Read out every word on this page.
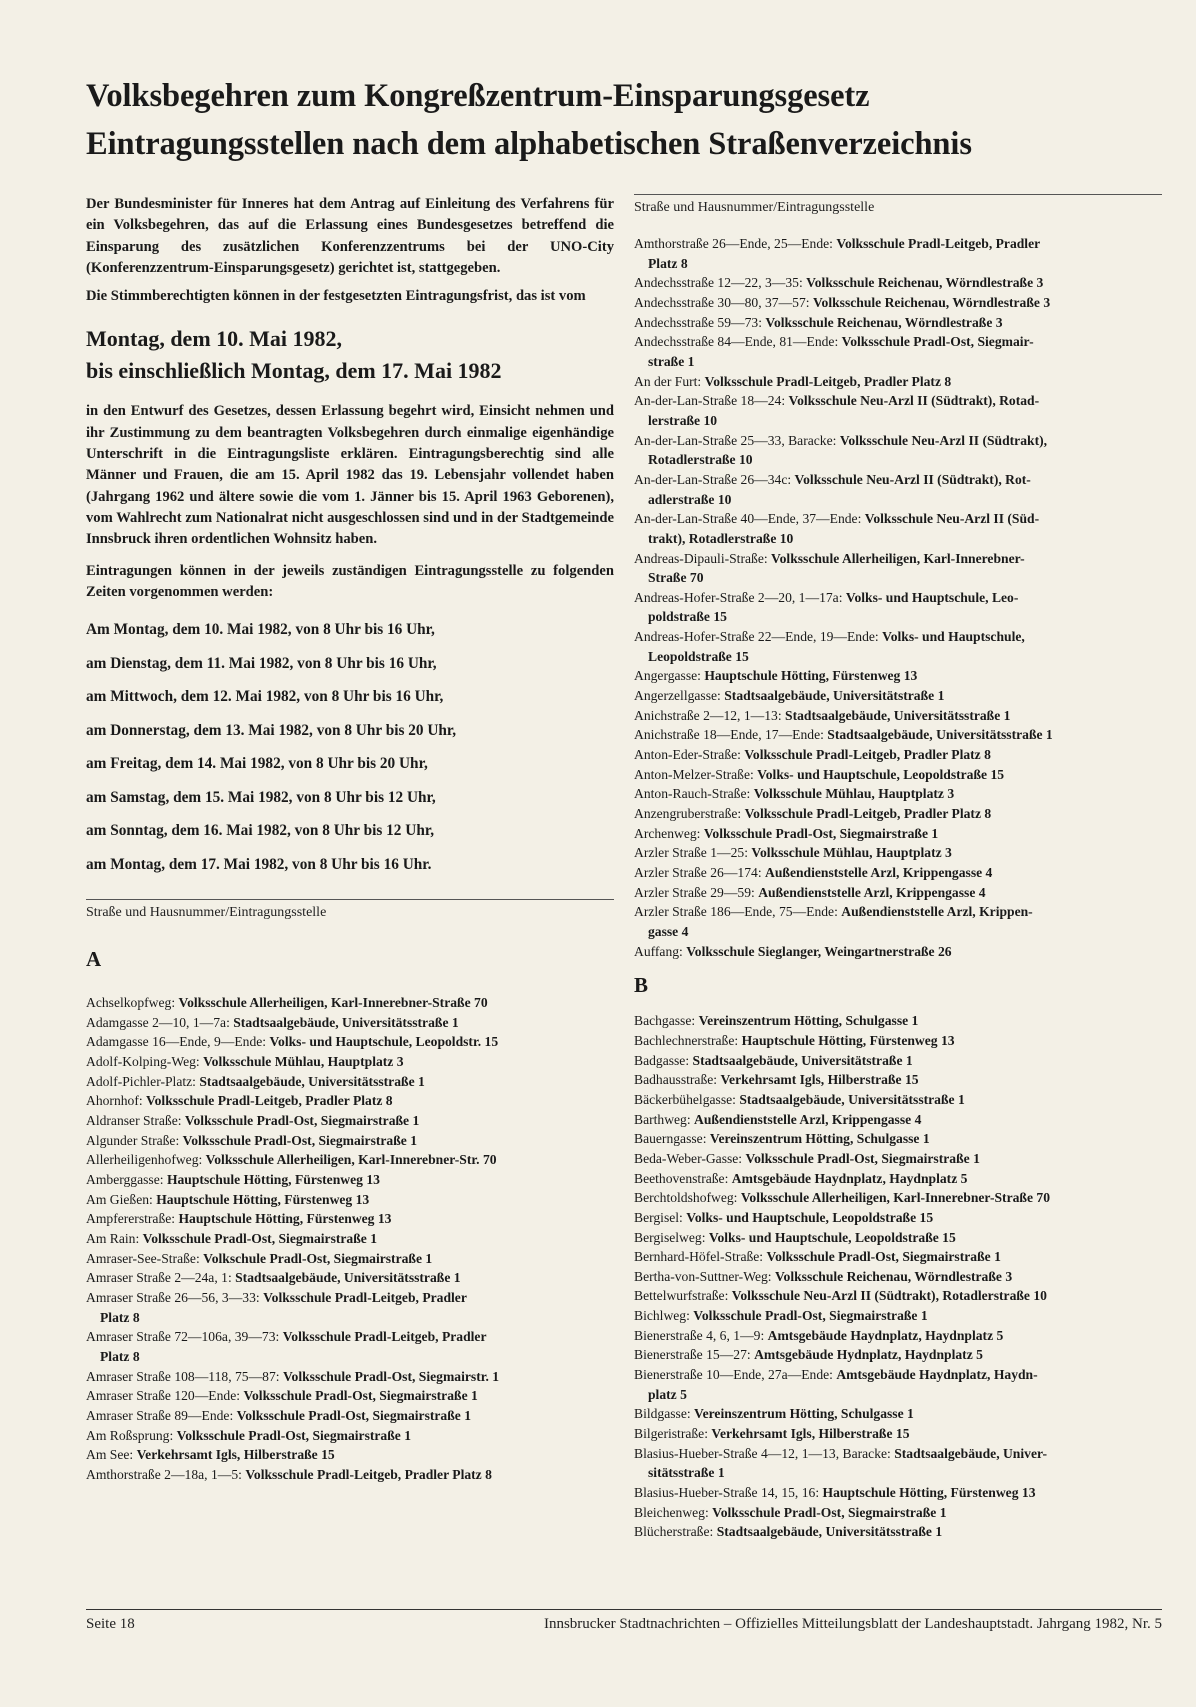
Volksbegehren zum Kongreßzentrum-Einsparungsgesetz
Eintragungsstellen nach dem alphabetischen Straßenverzeichnis

Der Bundesminister für Inneres hat dem Antrag auf Einleitung des Verfahrens für ein Volksbegehren, das auf die Erlassung eines Bundesgesetzes betreffend die Einsparung des zusätzlichen Konferenzzentrums bei der UNO-City (Konferenzzentrum-Einsparungsgesetz) gerichtet ist, stattgegeben.

Die Stimmberechtigten können in der festgesetzten Eintragungsfrist, das ist vom

Montag, dem 10. Mai 1982,
bis einschließlich Montag, dem 17. Mai 1982

in den Entwurf des Gesetzes, dessen Erlassung begehrt wird, Einsicht nehmen und ihr Zustimmung zu dem beantragten Volksbegehren durch einmalige eigenhändige Unterschrift in die Eintragungsliste erklären. Eintragungsberechtig sind alle Männer und Frauen, die am 15. April 1982 das 19. Lebensjahr vollendet haben (Jahrgang 1962 und ältere sowie die vom 1. Jänner bis 15. April 1963 Geborenen), vom Wahlrecht zum Nationalrat nicht ausgeschlossen sind und in der Stadtgemeinde Innsbruck ihren ordentlichen Wohnsitz haben.

Eintragungen können in der jeweils zuständigen Eintragungsstelle zu folgenden Zeiten vorgenommen werden:

Am Montag, dem 10. Mai 1982, von 8 Uhr bis 16 Uhr,
am Dienstag, dem 11. Mai 1982, von 8 Uhr bis 16 Uhr,
am Mittwoch, dem 12. Mai 1982, von 8 Uhr bis 16 Uhr,
am Donnerstag, dem 13. Mai 1982, von 8 Uhr bis 20 Uhr,
am Freitag, dem 14. Mai 1982, von 8 Uhr bis 20 Uhr,
am Samstag, dem 15. Mai 1982, von 8 Uhr bis 12 Uhr,
am Sonntag, dem 16. Mai 1982, von 8 Uhr bis 12 Uhr,
am Montag, dem 17. Mai 1982, von 8 Uhr bis 16 Uhr.
Straße und Hausnummer/Eintragungsstelle
A
Achselkopfweg: Volksschule Allerheiligen, Karl-Innerebner-Straße 70
Adamgasse 2—10, 1—7a: Stadtsaalgebäude, Universitätsstraße 1
Adamgasse 16—Ende, 9—Ende: Volks- und Hauptschule, Leopoldstr. 15
Adolf-Kolping-Weg: Volksschule Mühlau, Hauptplatz 3
Adolf-Pichler-Platz: Stadtsaalgebäude, Universitätsstraße 1
Ahornhof: Volksschule Pradl-Leitgeb, Pradler Platz 8
Aldranser Straße: Volksschule Pradl-Ost, Siegmairstraße 1
Algunder Straße: Volksschule Pradl-Ost, Siegmairstraße 1
Allerheiligenhofweg: Volksschule Allerheiligen, Karl-Innerebner-Str. 70
Amberggasse: Hauptschule Hötting, Fürstenweg 13
Am Gießen: Hauptschule Hötting, Fürstenweg 13
Ampfererstraße: Hauptschule Hötting, Fürstenweg 13
Am Rain: Volksschule Pradl-Ost, Siegmairstraße 1
Amraser-See-Straße: Volkschule Pradl-Ost, Siegmairstraße 1
Amraser Straße 2—24a, 1: Stadtsaalgebäude, Universitätsstraße 1
Amraser Straße 26—56, 3—33: Volksschule Pradl-Leitgeb, Pradler
Platz 8
Amraser Straße 72—106a, 39—73: Volksschule Pradl-Leitgeb, Pradler
Platz 8
Amraser Straße 108—118, 75—87: Volksschule Pradl-Ost, Siegmairstr. 1
Amraser Straße 120—Ende: Volksschule Pradl-Ost, Siegmairstraße 1
Amraser Straße 89—Ende: Volksschule Pradl-Ost, Siegmairstraße 1
Am Roßsprung: Volksschule Pradl-Ost, Siegmairstraße 1
Am See: Verkehrsamt Igls, Hilberstraße 15
Amthorstraße 2—18a, 1—5: Volksschule Pradl-Leitgeb, Pradler Platz 8
Straße und Hausnummer/Eintragungsstelle
Amthorstraße 26—Ende, 25—Ende: Volksschule Pradl-Leitgeb, Pradler
Platz 8
Andechsstraße 12—22, 3—35: Volksschule Reichenau, Wörndlestraße 3
Andechsstraße 30—80, 37—57: Volksschule Reichenau, Wörndlestraße 3
Andechsstraße 59—73: Volksschule Reichenau, Wörndlestraße 3
Andechsstraße 84—Ende, 81—Ende: Volksschule Pradl-Ost, Siegmair-
straße 1
An der Furt: Volksschule Pradl-Leitgeb, Pradler Platz 8
An-der-Lan-Straße 18—24: Volksschule Neu-Arzl II (Südtrakt), Rotad-
lerstraße 10
An-der-Lan-Straße 25—33, Baracke: Volksschule Neu-Arzl II (Südtrakt),
Rotadlerstraße 10
An-der-Lan-Straße 26—34c: Volksschule Neu-Arzl II (Südtrakt), Rot-
adlerstraße 10
An-der-Lan-Straße 40—Ende, 37—Ende: Volksschule Neu-Arzl II (Süd-
trakt), Rotadlerstraße 10
Andreas-Dipauli-Straße: Volksschule Allerheiligen, Karl-Innerebner-
Straße 70
Andreas-Hofer-Straße 2—20, 1—17a: Volks- und Hauptschule, Leo-
poldstraße 15
Andreas-Hofer-Straße 22—Ende, 19—Ende: Volks- und Hauptschule,
Leopoldstraße 15
Angergasse: Hauptschule Hötting, Fürstenweg 13
Angerzellgasse: Stadtsaalgebäude, Universitätstraße 1
Anichstraße 2—12, 1—13: Stadtsaalgebäude, Universitätsstraße 1
Anichstraße 18—Ende, 17—Ende: Stadtsaalgebäude, Universitätsstraße 1
Anton-Eder-Straße: Volksschule Pradl-Leitgeb, Pradler Platz 8
Anton-Melzer-Straße: Volks- und Hauptschule, Leopoldstraße 15
Anton-Rauch-Straße: Volksschule Mühlau, Hauptplatz 3
Anzengruberstraße: Volksschule Pradl-Leitgeb, Pradler Platz 8
Archenweg: Volksschule Pradl-Ost, Siegmairstraße 1
Arzler Straße 1—25: Volksschule Mühlau, Hauptplatz 3
Arzler Straße 26—174: Außendienststelle Arzl, Krippengasse 4
Arzler Straße 29—59: Außendienststelle Arzl, Krippengasse 4
Arzler Straße 186—Ende, 75—Ende: Außendienststelle Arzl, Krippen-
gasse 4
Auffang: Volksschule Sieglanger, Weingartnerstraße 26
B
Bachgasse: Vereinszentrum Hötting, Schulgasse 1
Bachlechnerstraße: Hauptschule Hötting, Fürstenweg 13
Badgasse: Stadtsaalgebäude, Universitätstraße 1
Badhausstraße: Verkehrsamt Igls, Hilberstraße 15
Bäckerbühelgasse: Stadtsaalgebäude, Universitätsstraße 1
Barthweg: Außendienststelle Arzl, Krippengasse 4
Bauerngasse: Vereinszentrum Hötting, Schulgasse 1
Beda-Weber-Gasse: Volksschule Pradl-Ost, Siegmairstraße 1
Beethovenstraße: Amtsgebäude Haydnplatz, Haydnplatz 5
Berchtoldshofweg: Volksschule Allerheiligen, Karl-Innerebner-Straße 70
Bergisel: Volks- und Hauptschule, Leopoldstraße 15
Bergiselweg: Volks- und Hauptschule, Leopoldstraße 15
Bernhard-Höfel-Straße: Volksschule Pradl-Ost, Siegmairstraße 1
Bertha-von-Suttner-Weg: Volksschule Reichenau, Wörndlestraße 3
Bettelwurfstraße: Volksschule Neu-Arzl II (Südtrakt), Rotadlerstraße 10
Bichlweg: Volksschule Pradl-Ost, Siegmairstraße 1
Bienerstraße 4, 6, 1—9: Amtsgebäude Haydnplatz, Haydnplatz 5
Bienerstraße 15—27: Amtsgebäude Hydnplatz, Haydnplatz 5
Bienerstraße 10—Ende, 27a—Ende: Amtsgebäude Haydnplatz, Haydn-
platz 5
Bildgasse: Vereinszentrum Hötting, Schulgasse 1
Bilgeristraße: Verkehrsamt Igls, Hilberstraße 15
Blasius-Hueber-Straße 4—12, 1—13, Baracke: Stadtsaalgebäude, Univer-
sitätsstraße 1
Blasius-Hueber-Straße 14, 15, 16: Hauptschule Hötting, Fürstenweg 13
Bleichenweg: Volksschule Pradl-Ost, Siegmairstraße 1
Blücherstraße: Stadtsaalgebäude, Universitätsstraße 1
Seite 18	Innsbrucker Stadtnachrichten – Offizielles Mitteilungsblatt der Landeshauptstadt. Jahrgang 1982, Nr. 5
